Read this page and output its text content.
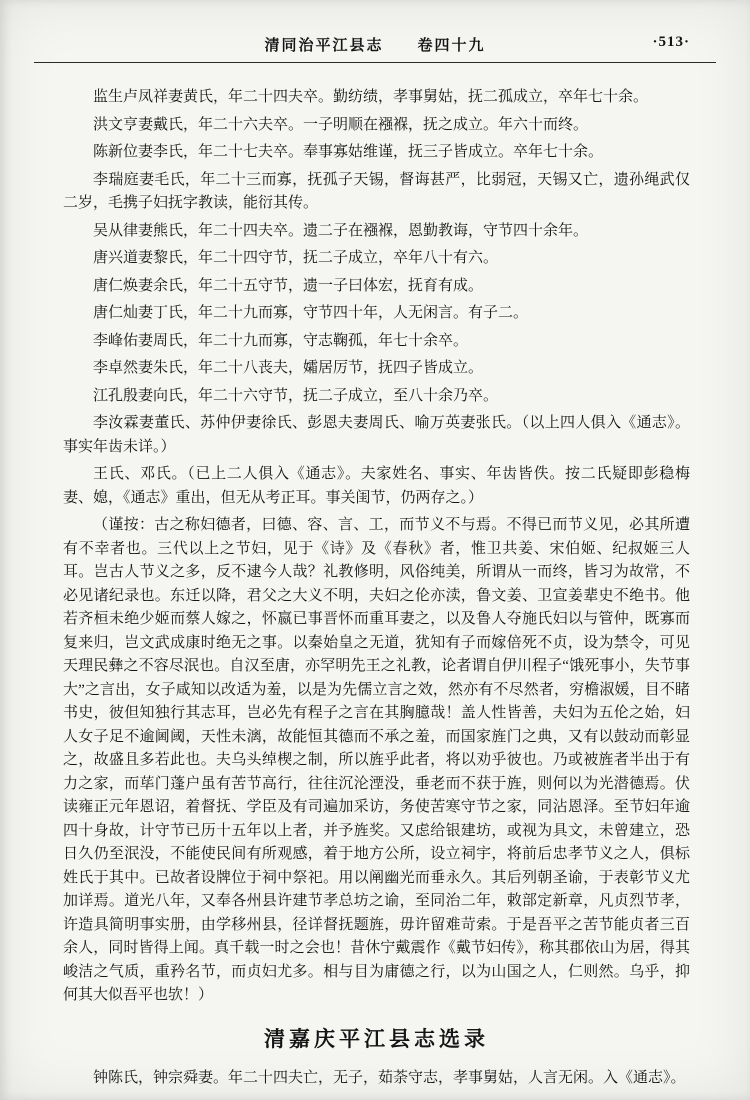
清同治平江县志　　卷四十九	·513·

监生卢凤祥妻黄氏，年二十四夫卒。勤纺绩，孝事舅姑，抚二孤成立，卒年七十余。

洪文亨妻戴氏，年二十六夫卒。一子明顺在襁褓，抚之成立。年六十而终。

陈新位妻李氏，年二十七夫卒。奉事寡姑维谨，抚三子皆成立。卒年七十余。

李瑞庭妻毛氏，年二十三而寡，抚孤子天锡，督诲甚严，比弱冠，天锡又亡，遗孙绳武仅二岁，毛携子妇抚字教读，能衍其传。

吴从律妻熊氏，年二十四夫卒。遗二子在襁褓，恩勤教诲，守节四十余年。

唐兴道妻黎氏，年二十四守节，抚二子成立，卒年八十有六。

唐仁焕妻余氏，年二十五守节，遗一子曰体宏，抚育有成。

唐仁灿妻丁氏，年二十九而寡，守节四十年，人无闲言。有子二。

李峰佑妻周氏，年二十九而寡，守志鞠孤，年七十余卒。

李卓然妻朱氏，年二十八丧夫，孀居厉节，抚四子皆成立。

江孔殷妻向氏，年二十六守节，抚二子成立，至八十余乃卒。

李汝霖妻董氏、苏仲伊妻徐氏、彭恩夫妻周氏、喻万英妻张氏。（以上四人俱入《通志》。事实年齿未详。）

王氏、邓氏。（已上二人俱入《通志》。夫家姓名、事实、年齿皆佚。按二氏疑即彭稳梅妻、媳，《通志》重出，但无从考正耳。事关闺节，仍两存之。）

（谨按：古之称妇德者，曰德、容、言、工，而节义不与焉。不得已而节义见，必其所遭有不幸者也。三代以上之节妇，见于《诗》及《春秋》者，惟卫共姜、宋伯姬、纪叔姬三人耳。岂古人节义之多，反不逮今人哉？礼教修明，风俗纯美，所谓从一而终，皆习为故常，不必见诸纪录也。东迁以降，君父之大义不明，夫妇之伦亦渎，鲁文姜、卫宣姜辈史不绝书。他若齐桓未绝少姬而蔡人嫁之，怀嬴已事晋怀而重耳妻之，以及鲁人夺施氏妇以与管仲，既寡而复来归，岂文武成康时绝无之事。以秦始皇之无道，犹知有子而嫁倍死不贞，设为禁令，可见天理民彝之不容尽泯也。自汉至唐，亦罕明先王之礼教，论者谓自伊川程子“饿死事小，失节事大”之言出，女子咸知以改适为羞，以是为先儒立言之效，然亦有不尽然者，穷檐淑媛，目不睹书史，彼但知独行其志耳，岂必先有程子之言在其胸臆哉！盖人性皆善，夫妇为五伦之始，妇人女子足不逾阃阈，天性未漓，故能恒其德而不承之羞，而国家旌门之典，又有以鼓动而彰显之，故盛且多若此也。夫乌头绰楔之制，所以旌乎此者，将以劝乎彼也。乃或被旌者半出于有力之家，而荜门蓬户虽有苦节高行，往往沉沦湮没，垂老而不获于旌，则何以为光潜德焉。伏读雍正元年恩诏，着督抚、学臣及有司遍加采访，务使苦寒守节之家，同沾恩泽。至节妇年逾四十身故，计守节已历十五年以上者，并予旌奖。又虑给银建坊，或视为具文，未曾建立，恐日久仍至泯没，不能使民间有所观感，着于地方公所，设立祠宇，将前后忠孝节义之人，俱标姓氏于其中。已故者设牌位于祠中祭祀。用以阐幽光而垂永久。其后列朝圣谕，于表彰节义尤加详焉。道光八年，又奉各州县许建节孝总坊之谕，至同治二年，敕部定新章，凡贞烈节孝，许造具简明事实册，由学移州县，径详督抚题旌，毋许留难苛索。于是吾平之苦节能贞者三百余人，同时皆得上闻。真千载一时之会也！昔休宁戴震作《戴节妇传》，称其郡依山为居，得其峻洁之气质，重矜名节，而贞妇尤多。相与目为庸德之行，以为山国之人，仁则然。乌乎，抑何其大似吾平也欤！）

清嘉庆平江县志选录

钟陈氏，钟宗舜妻。年二十四夫亡，无子，茹荼守志，孝事舅姑，人言无闲。入《通志》。
